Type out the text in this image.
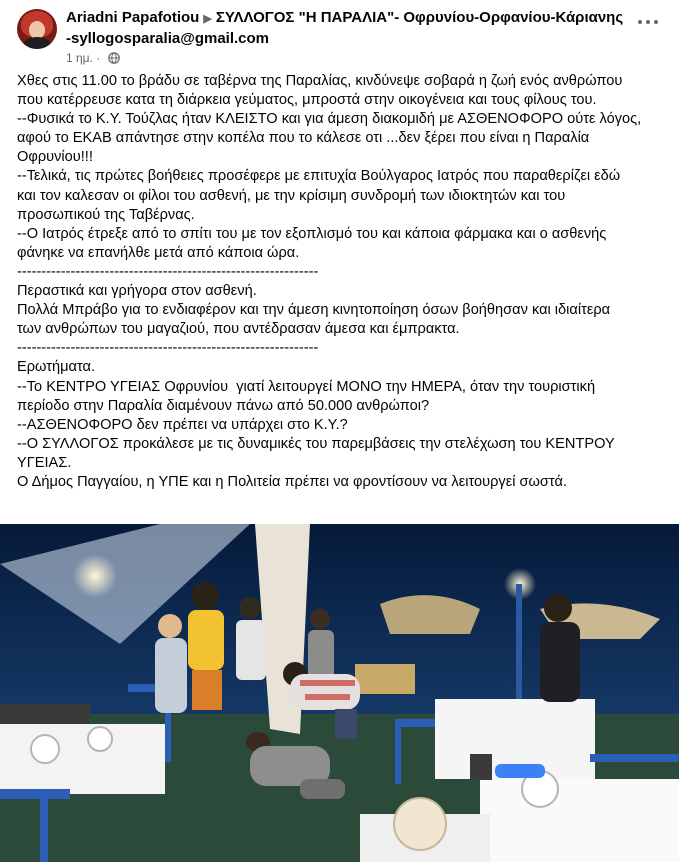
Ariadni Papafotiou ▶ ΣΥΛΛΟΓΟΣ "Η ΠΑΡΑΛΙΑ"- Οφρυνίου-Ορφανίου-Κάριανης -syllogosparalia@gmail.com
1 ημ. ·

Χθες στις 11.00 το βράδυ σε ταβέρνα της Παραλίας, κινδύνεψε σοβαρά η ζωή ενός ανθρώπου

που κατέρρευσε κατα τη διάρκεια γεύματος, μπροστά στην οικογένεια και τους φίλους του.

--Φυσικά το Κ.Υ. Τούζλας ήταν ΚΛΕΙΣΤΟ και για άμεση διακομιδή με ΑΣΘΕΝΟΦΟΡΟ ούτε λόγος,

αφού το ΕΚΑΒ απάντησε στην κοπέλα που το κάλεσε οτι ...δεν ξέρει που είναι η Παραλία

Οφρυνίου!!!

--Τελικά, τις πρώτες βοήθειες προσέφερε με επιτυχία Βούλγαρος Ιατρός που παραθερίζει εδώ

και τον καλεσαν οι φίλοι του ασθενή, με την κρίσιμη συνδρομή των ιδιοκτητών και του

προσωπικού της Ταβέρνας.

--Ο Ιατρός έτρεξε από το σπίτι του με τον εξοπλισμό του και κάποια φάρμακα και ο ασθενής

φάνηκε να επανήλθε μετά από κάποια ώρα.

--------------------------------------------------------------

Περαστικά και γρήγορα στον ασθενή.

Πολλά Μπράβο για το ενδιαφέρον και την άμεση κινητοποίηση όσων βοήθησαν και ιδιαίτερα

των ανθρώπων του μαγαζιού, που αντέδρασαν άμεσα και έμπρακτα.

--------------------------------------------------------------

Ερωτήματα.

--Το ΚΕΝΤΡΟ ΥΓΕΙΑΣ Οφρυνίου  γιατί λειτουργεί ΜΟΝΟ την ΗΜΕΡΑ, όταν την τουριστική

περίοδο στην Παραλία διαμένουν πάνω από 50.000 ανθρώποι?

--ΑΣΘΕΝΟΦΟΡΟ δεν πρέπει να υπάρχει στο Κ.Υ.?

--Ο ΣΥΛΛΟΓΟΣ προκάλεσε με τις δυναμικές του παρεμβάσεις την στελέχωση του ΚΕΝΤΡΟΥ

ΥΓΕΙΑΣ.

Ο Δήμος Παγγαίου, η ΥΠΕ και η Πολιτεία πρέπει να φροντίσουν να λειτουργεί σωστά.
